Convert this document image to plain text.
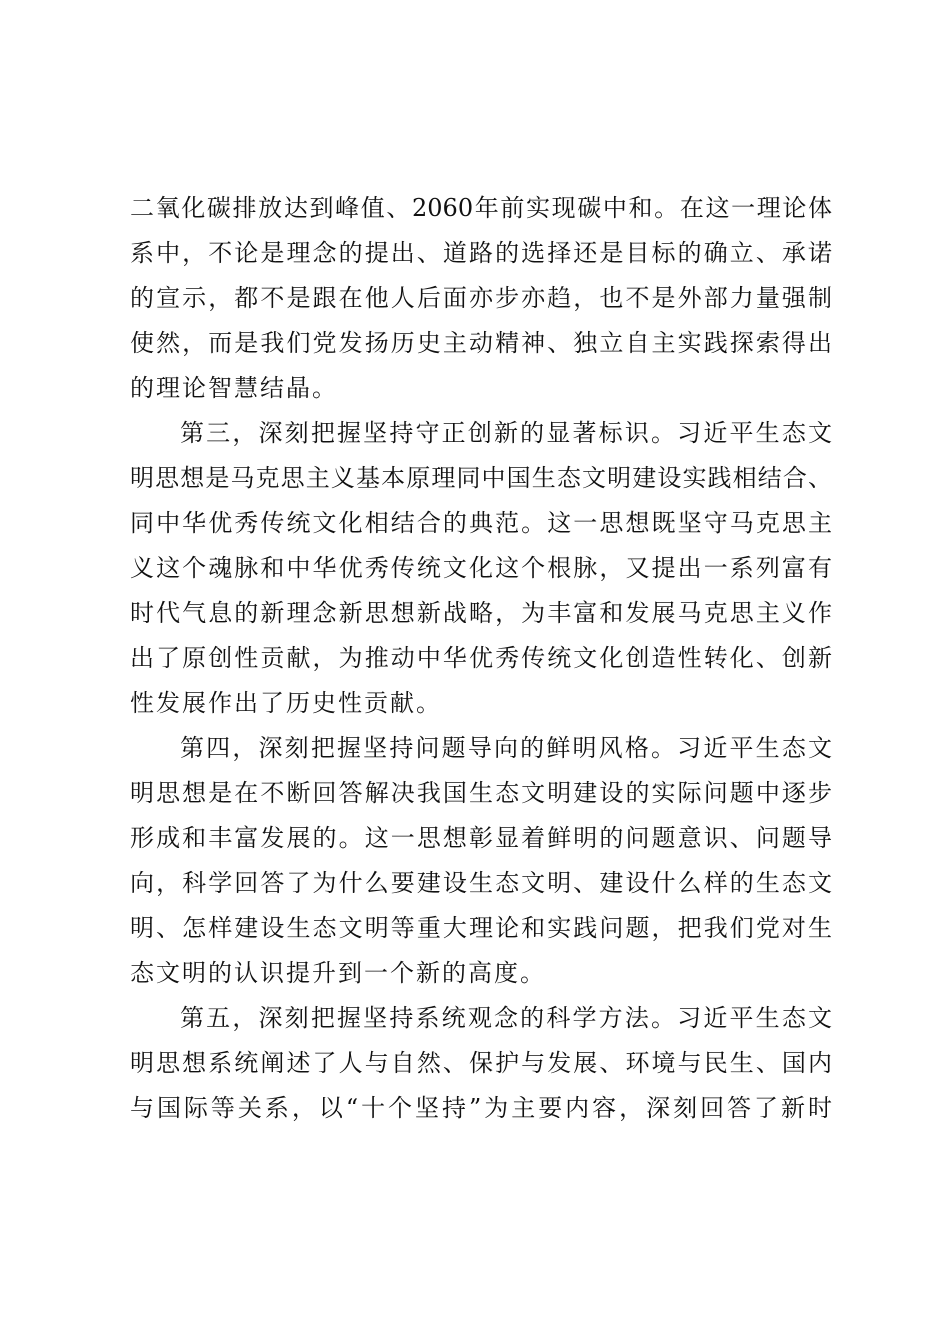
二氧化碳排放达到峰值、2060年前实现碳中和。在这一理论体
系中，不论是理念的提出、道路的选择还是目标的确立、承诺
的宣示，都不是跟在他人后面亦步亦趋，也不是外部力量强制
使然，而是我们党发扬历史主动精神、独立自主实践探索得出
的理论智慧结晶。
第三，深刻把握坚持守正创新的显著标识。习近平生态文
明思想是马克思主义基本原理同中国生态文明建设实践相结合、
同中华优秀传统文化相结合的典范。这一思想既坚守马克思主
义这个魂脉和中华优秀传统文化这个根脉，又提出一系列富有
时代气息的新理念新思想新战略，为丰富和发展马克思主义作
出了原创性贡献，为推动中华优秀传统文化创造性转化、创新
性发展作出了历史性贡献。
第四，深刻把握坚持问题导向的鲜明风格。习近平生态文
明思想是在不断回答解决我国生态文明建设的实际问题中逐步
形成和丰富发展的。这一思想彰显着鲜明的问题意识、问题导
向，科学回答了为什么要建设生态文明、建设什么样的生态文
明、怎样建设生态文明等重大理论和实践问题，把我们党对生
态文明的认识提升到一个新的高度。
第五，深刻把握坚持系统观念的科学方法。习近平生态文
明思想系统阐述了人与自然、保护与发展、环境与民生、国内
与国际等关系，以“十个坚持”为主要内容，深刻回答了新时
